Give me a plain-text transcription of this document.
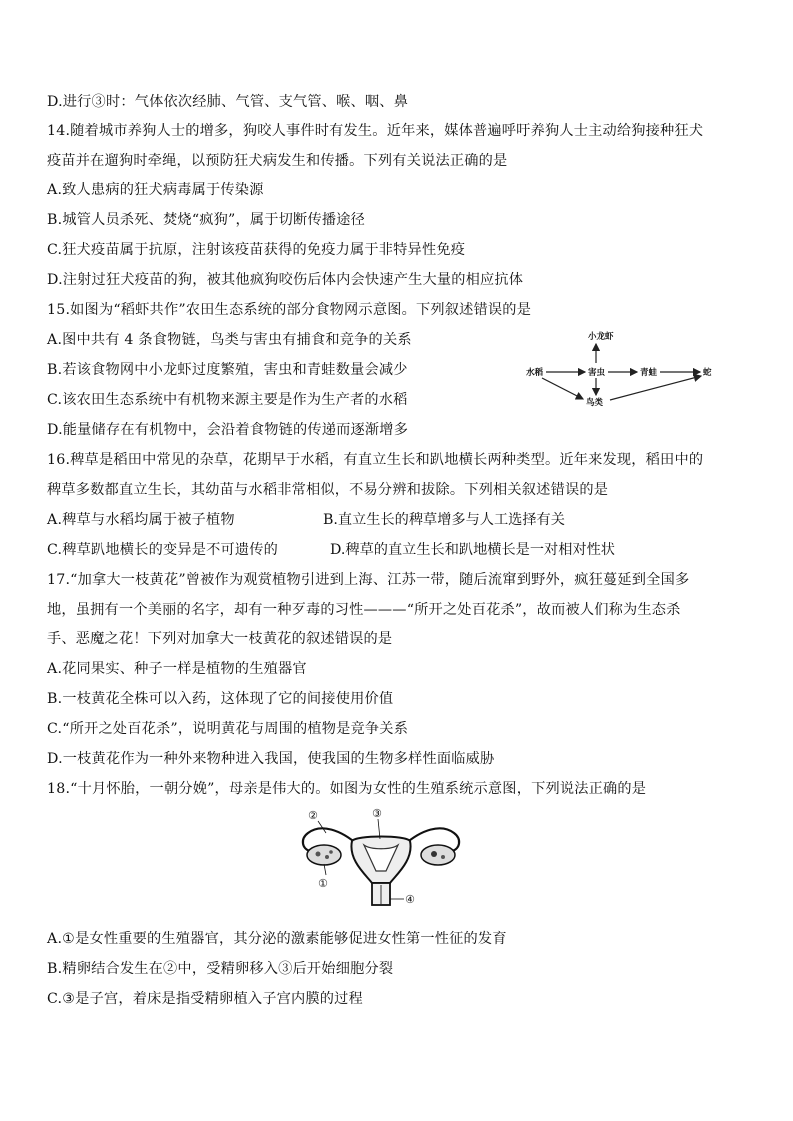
D.进行③时：气体依次经肺、气管、支气管、喉、咽、鼻
14.随着城市养狗人士的增多，狗咬人事件时有发生。近年来，媒体普遍呼吁养狗人士主动给狗接种狂犬
疫苗并在遛狗时牵绳，以预防狂犬病发生和传播。下列有关说法正确的是
A.致人患病的狂犬病毒属于传染源
B.城管人员杀死、焚烧“疯狗”，属于切断传播途径
C.狂犬疫苗属于抗原，注射该疫苗获得的免疫力属于非特异性免疫
D.注射过狂犬疫苗的狗，被其他疯狗咬伤后体内会快速产生大量的相应抗体
15.如图为“稻虾共作”农田生态系统的部分食物网示意图。下列叙述错误的是
A.图中共有 4 条食物链，鸟类与害虫有捕食和竞争的关系
B.若该食物网中小龙虾过度繁殖，害虫和青蛙数量会减少
C.该农田生态系统中有机物来源主要是作为生产者的水稻
D.能量储存在有机物中，会沿着食物链的传递而逐渐增多
小龙虾
水稻	害虫	青蛙	蛇
鸟类
16.稗草是稻田中常见的杂草，花期早于水稻，有直立生长和趴地横长两种类型。近年来发现，稻田中的
稗草多数都直立生长，其幼苗与水稻非常相似，不易分辨和拔除。下列相关叙述错误的是
A.稗草与水稻均属于被子植物	B.直立生长的稗草增多与人工选择有关
C.稗草趴地横长的变异是不可遗传的	D.稗草的直立生长和趴地横长是一对相对性状
17.“加拿大一枝黄花”曾被作为观赏植物引进到上海、江苏一带，随后流窜到野外，疯狂蔓延到全国多
地，虽拥有一个美丽的名字，却有一种歹毒的习性———“所开之处百花杀”，故而被人们称为生态杀
手、恶魔之花！下列对加拿大一枝黄花的叙述错误的是
A.花同果实、种子一样是植物的生殖器官
B.一枝黄花全株可以入药，这体现了它的间接使用价值
C.“所开之处百花杀”，说明黄花与周围的植物是竞争关系
D.一枝黄花作为一种外来物种进入我国，使我国的生物多样性面临威胁
18.“十月怀胎，一朝分娩”，母亲是伟大的。如图为女性的生殖系统示意图，下列说法正确的是
②	③
①
④
A.①是女性重要的生殖器官，其分泌的激素能够促进女性第一性征的发育
B.精卵结合发生在②中，受精卵移入③后开始细胞分裂
C.③是子宫，着床是指受精卵植入子宫内膜的过程
